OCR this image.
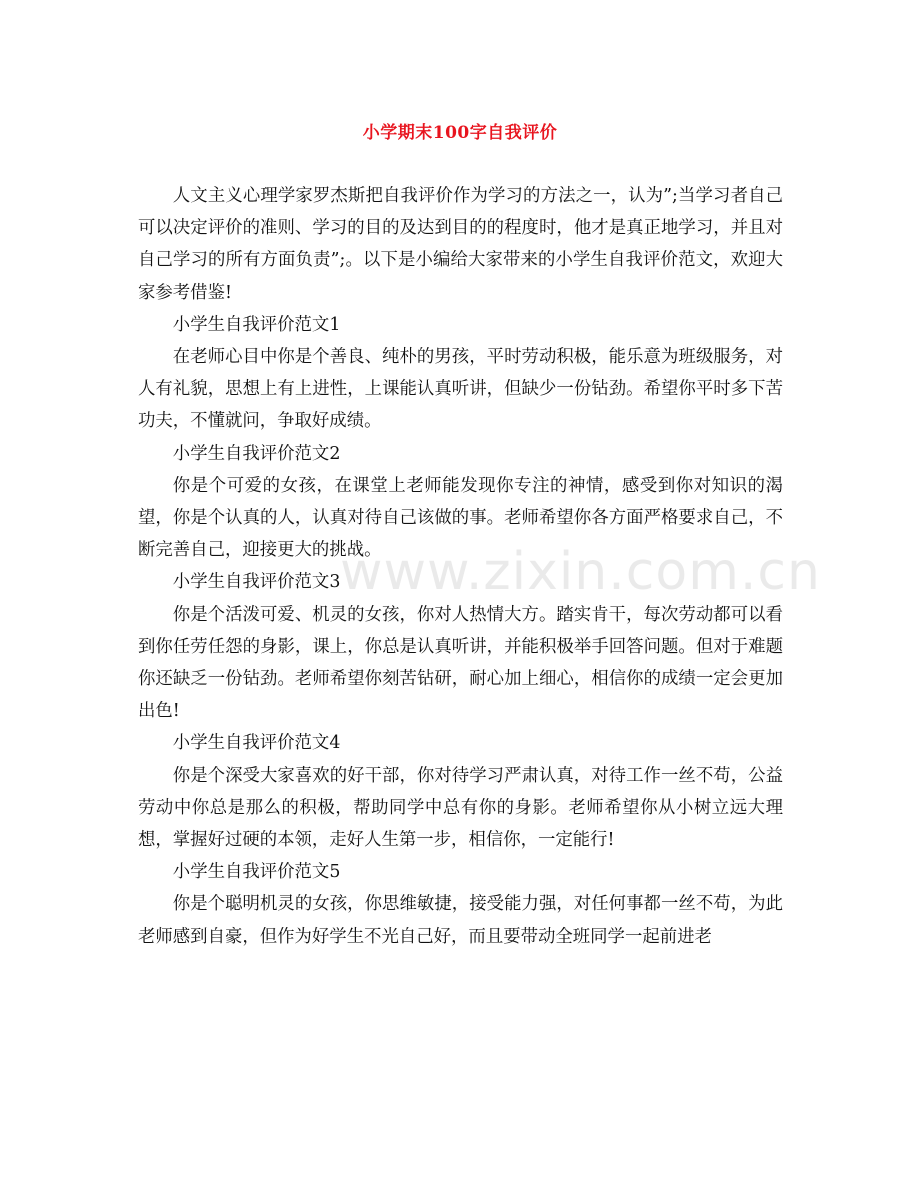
小学期末100字自我评价

人文主义心理学家罗杰斯把自我评价作为学习的方法之一，认为”;当学习者自己可以决定评价的准则、学习的目的及达到目的的程度时，他才是真正地学习，并且对自己学习的所有方面负责”;。以下是小编给大家带来的小学生自我评价范文，欢迎大家参考借鉴!

小学生自我评价范文1

在老师心目中你是个善良、纯朴的男孩，平时劳动积极，能乐意为班级服务，对人有礼貌，思想上有上进性，上课能认真听讲，但缺少一份钻劲。希望你平时多下苦功夫，不懂就问，争取好成绩。

小学生自我评价范文2

你是个可爱的女孩，在课堂上老师能发现你专注的神情，感受到你对知识的渴望，你是个认真的人，认真对待自己该做的事。老师希望你各方面严格要求自己，不断完善自己，迎接更大的挑战。

小学生自我评价范文3

你是个活泼可爱、机灵的女孩，你对人热情大方。踏实肯干，每次劳动都可以看到你任劳任怨的身影，课上，你总是认真听讲，并能积极举手回答问题。但对于难题你还缺乏一份钻劲。老师希望你刻苦钻研，耐心加上细心，相信你的成绩一定会更加出色!

小学生自我评价范文4

你是个深受大家喜欢的好干部，你对待学习严肃认真，对待工作一丝不苟，公益劳动中你总是那么的积极，帮助同学中总有你的身影。老师希望你从小树立远大理想，掌握好过硬的本领，走好人生第一步，相信你，一定能行!

小学生自我评价范文5

你是个聪明机灵的女孩，你思维敏捷，接受能力强，对任何事都一丝不苟，为此老师感到自豪，但作为好学生不光自己好，而且要带动全班同学一起前进老

www.zixin.com.cn
